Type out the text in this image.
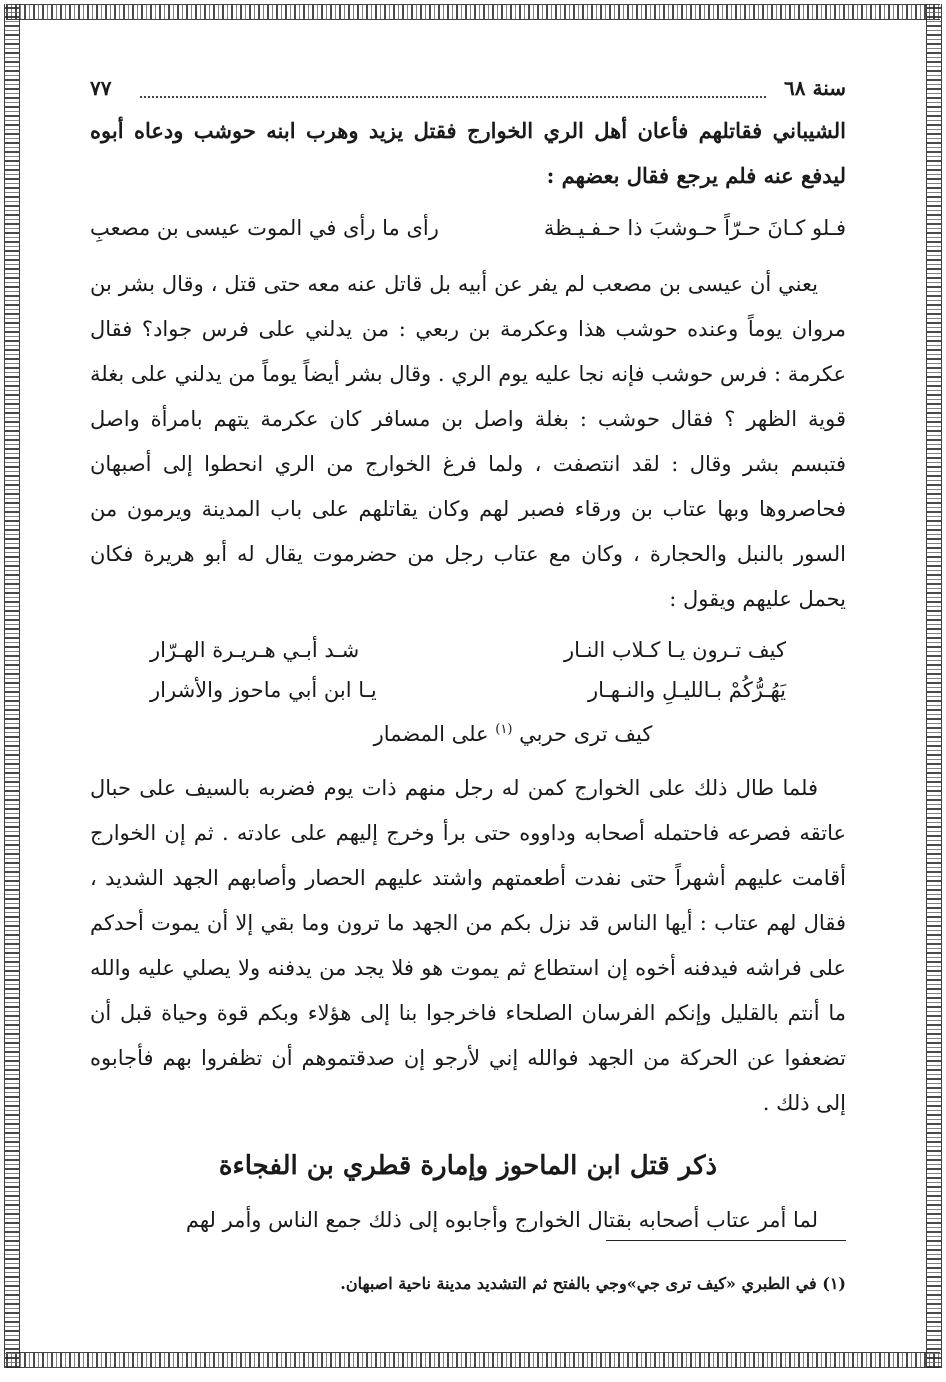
سنة ٦٨
٧٧

الشيباني فقاتلهم فأعان أهل الري الخوارج فقتل يزيد وهرب ابنه حوشب ودعاه أبوه ليدفع عنه فلم يرجع فقال بعضهم :

فـلو كـانَ حـرّاً حـوشبَ ذا حـفـيـظة
رأى ما رأى في الموت عيسى بن مصعبِ

يعني أن عيسى بن مصعب لم يفر عن أبيه بل قاتل عنه معه حتى قتل ، وقال بشر بن مروان يوماً وعنده حوشب هذا وعكرمة بن ربعي : من يدلني على فرس جواد؟ فقال عكرمة : فرس حوشب فإنه نجا عليه يوم الري . وقال بشر أيضاً يوماً من يدلني على بغلة قوية الظهر ؟ فقال حوشب : بغلة واصل بن مسافر كان عكرمة يتهم بامرأة واصل فتبسم بشر وقال : لقد انتصفت ، ولما فرغ الخوارج من الري انحطوا إلى أصبهان فحاصروها وبها عتاب بن ورقاء فصبر لهم وكان يقاتلهم على باب المدينة ويرمون من السور بالنبل والحجارة ، وكان مع عتاب رجل من حضرموت يقال له أبو هريرة فكان يحمل عليهم ويقول :

كيف تـرون يـا كـلاب النـار
شـد أبـي هـريـرة الهـرّار
يَهُـرُّكُمْ بـالليـلِ والنـهـار
يـا ابن أبي ماحوز والأشرار
كيف ترى حربي $^{(١)}$ على المضمار

فلما طال ذلك على الخوارج كمن له رجل منهم ذات يوم فضربه بالسيف على حبال عاتقه فصرعه فاحتمله أصحابه وداووه حتى برأ وخرج إليهم على عادته . ثم إن الخوارج أقامت عليهم أشهراً حتى نفدت أطعمتهم واشتد عليهم الحصار وأصابهم الجهد الشديد ، فقال لهم عتاب : أيها الناس قد نزل بكم من الجهد ما ترون وما بقي إلا أن يموت أحدكم على فراشه فيدفنه أخوه إن استطاع ثم يموت هو فلا يجد من يدفنه ولا يصلي عليه والله ما أنتم بالقليل وإنكم الفرسان الصلحاء فاخرجوا بنا إلى هؤلاء وبكم قوة وحياة قبل أن تضعفوا عن الحركة من الجهد فوالله إني لأرجو إن صدقتموهم أن تظفروا بهم فأجابوه إلى ذلك .

ذكر قتل ابن الماحوز وإمارة قطري بن الفجاءة

لما أمر عتاب أصحابه بقتال الخوارج وأجابوه إلى ذلك جمع الناس وأمر لهم

(١) في الطبري «كيف ترى جي»وجي بالفتح ثم التشديد مدينة ناحية اصبهان.
